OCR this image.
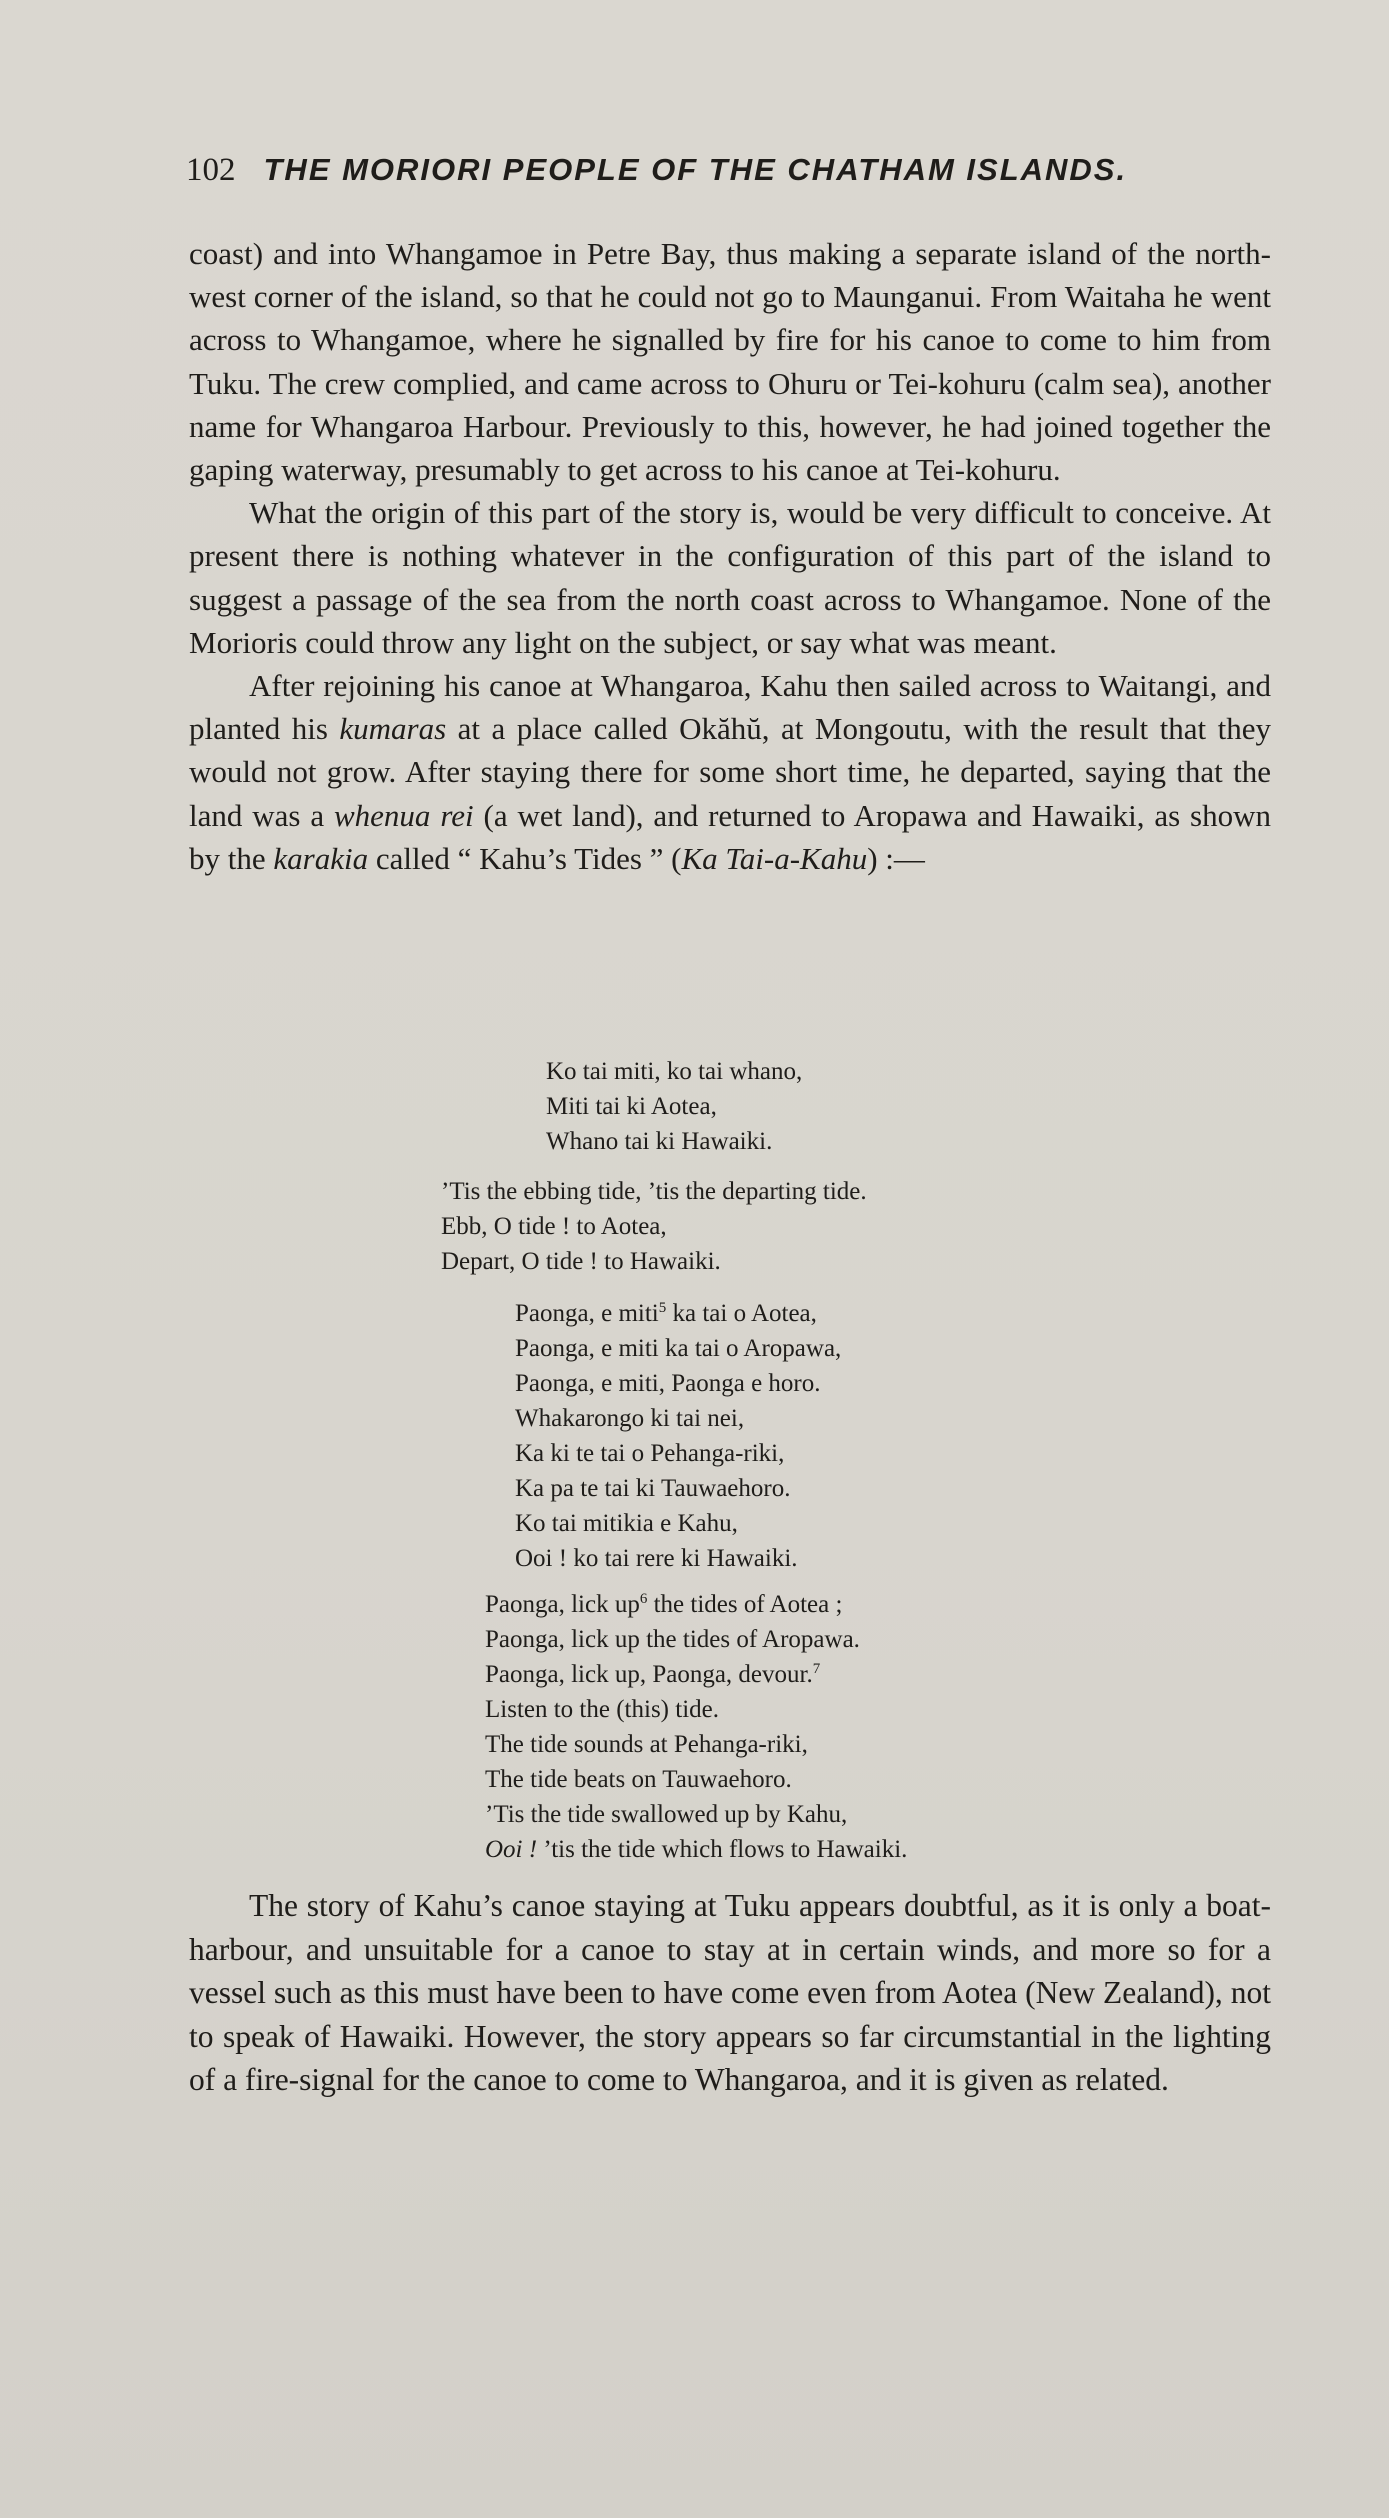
102 THE MORIORI PEOPLE OF THE CHATHAM ISLANDS.

coast) and into Whangamoe in Petre Bay, thus making a separate island of the north-west corner of the island, so that he could not go to Maunganui. From Waitaha he went across to Whangamoe, where he signalled by fire for his canoe to come to him from Tuku. The crew complied, and came across to Ohuru or Tei-kohuru (calm sea), another name for Whangaroa Harbour. Previously to this, however, he had joined together the gaping waterway, presumably to get across to his canoe at Tei-kohuru.

What the origin of this part of the story is, would be very difficult to conceive. At present there is nothing whatever in the configuration of this part of the island to suggest a passage of the sea from the north coast across to Whangamoe. None of the Morioris could throw any light on the subject, or say what was meant.

After rejoining his canoe at Whangaroa, Kahu then sailed across to Waitangi, and planted his kumaras at a place called Okăhŭ, at Mongoutu, with the result that they would not grow. After staying there for some short time, he departed, saying that the land was a whenua rei (a wet land), and returned to Aropawa and Hawaiki, as shown by the karakia called “ Kahu’s Tides ” (Ka Tai-a-Kahu) :—

Ko tai miti, ko tai whano,
Miti tai ki Aotea,
Whano tai ki Hawaiki.
’Tis the ebbing tide, ’tis the departing tide.
Ebb, O tide ! to Aotea,
Depart, O tide ! to Hawaiki.
Paonga, e miti$^5$ ka tai o Aotea,
Paonga, e miti ka tai o Aropawa,
Paonga, e miti, Paonga e horo.
Whakarongo ki tai nei,
Ka ki te tai o Pehanga-riki,
Ka pa te tai ki Tauwaehoro.
Ko tai mitikia e Kahu,
Ooi ! ko tai rere ki Hawaiki.
Paonga, lick $up^6$ the tides of Aotea ;
Paonga, lick up the tides of Aropawa.
Paonga, lick up, Paonga, devour.$^7$
Listen to the (this) tide.
The tide sounds at Pehanga-riki,
The tide beats on Tauwaehoro.
’Tis the tide swallowed up by Kahu,
Ooi ! ’tis the tide which flows to Hawaiki.

The story of Kahu’s canoe staying at Tuku appears doubtful, as it is only a boat-harbour, and unsuitable for a canoe to stay at in certain winds, and more so for a vessel such as this must have been to have come even from Aotea (New Zealand), not to speak of Hawaiki. However, the story appears so far circumstantial in the lighting of a fire-signal for the canoe to come to Whangaroa, and it is given as related.
